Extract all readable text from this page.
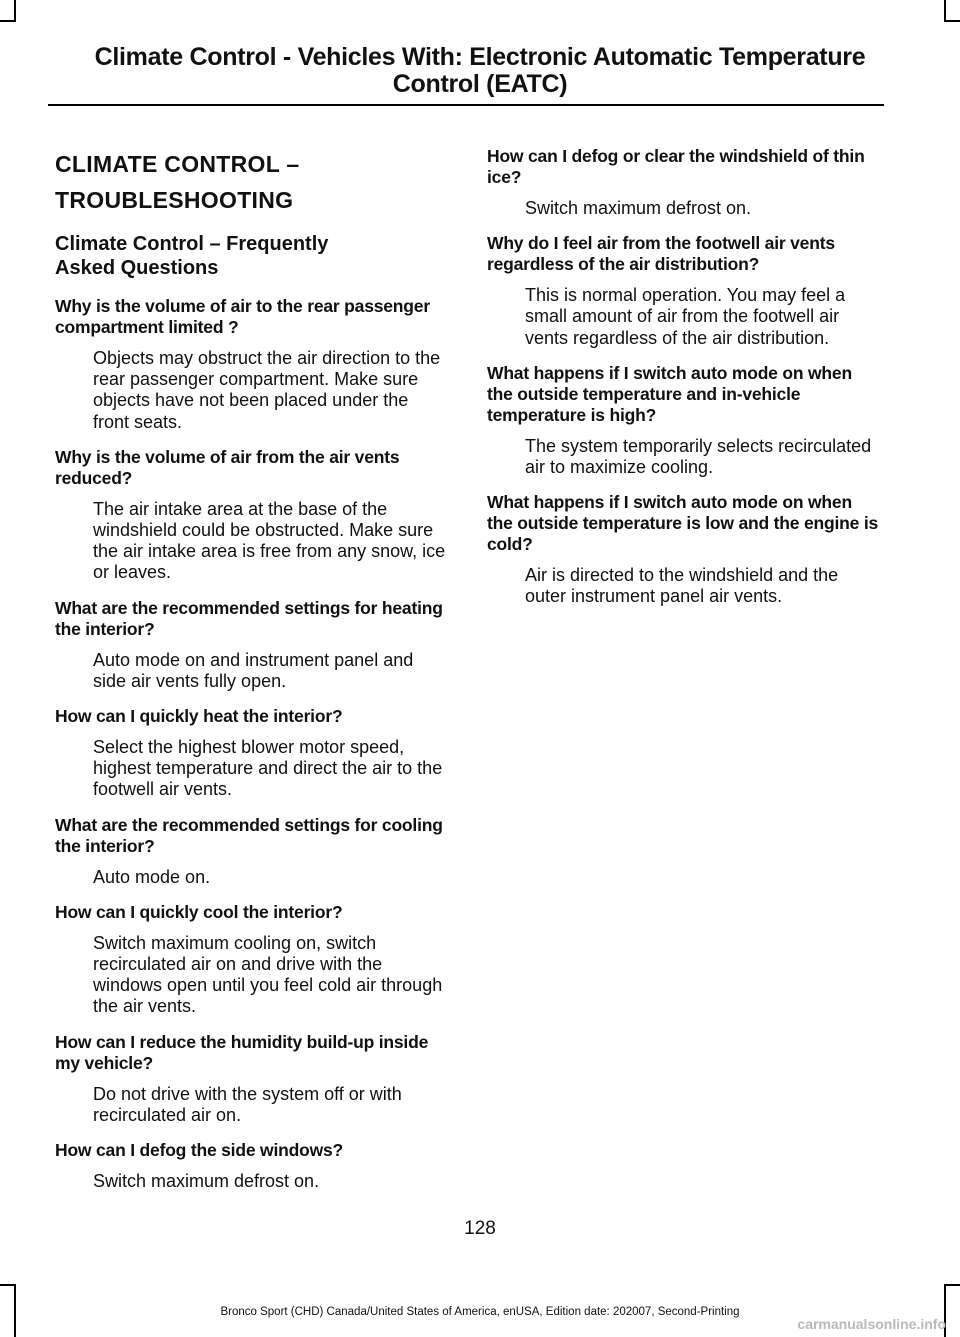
Climate Control - Vehicles With: Electronic Automatic Temperature
Control (EATC)
CLIMATE CONTROL –
TROUBLESHOOTING
Climate Control – Frequently
Asked Questions
Why is the volume of air to the rear passenger compartment limited ?
Objects may obstruct the air direction to the rear passenger compartment. Make sure objects have not been placed under the front seats.
Why is the volume of air from the air vents reduced?
The air intake area at the base of the windshield could be obstructed. Make sure the air intake area is free from any snow, ice or leaves.
What are the recommended settings for heating the interior?
Auto mode on and instrument panel and side air vents fully open.
How can I quickly heat the interior?
Select the highest blower motor speed, highest temperature and direct the air to the footwell air vents.
What are the recommended settings for cooling the interior?
Auto mode on.
How can I quickly cool the interior?
Switch maximum cooling on, switch recirculated air on and drive with the windows open until you feel cold air through the air vents.
How can I reduce the humidity build-up inside my vehicle?
Do not drive with the system off or with recirculated air on.
How can I defog the side windows?
Switch maximum defrost on.
How can I defog or clear the windshield of thin ice?
Switch maximum defrost on.
Why do I feel air from the footwell air vents regardless of the air distribution?
This is normal operation. You may feel a small amount of air from the footwell air vents regardless of the air distribution.
What happens if I switch auto mode on when the outside temperature and in-vehicle temperature is high?
The system temporarily selects recirculated air to maximize cooling.
What happens if I switch auto mode on when the outside temperature is low and the engine is cold?
Air is directed to the windshield and the outer instrument panel air vents.
128
Bronco Sport (CHD) Canada/United States of America, enUSA, Edition date: 202007, Second-Printing
carmanualsonline.info
